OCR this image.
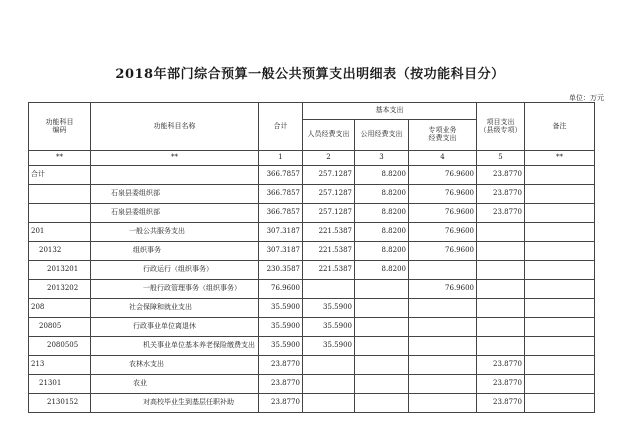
2018年部门综合预算一般公共预算支出明细表（按功能科目分）
单位：万元
功能科目
编码	功能科目名称	合计	基本支出			项目支出
（县级专项）	备注
			人员经费支出	公用经费支出	专项业务
经费支出		
**	**	1	2	3	4	5	**
合计		366.7857	257.1287	8.8200	76.9600	23.8770	
	石泉县委组织部	366.7857	257.1287	8.8200	76.9600	23.8770	
	石泉县委组织部	366.7857	257.1287	8.8200	76.9600	23.8770	
201	一般公共服务支出	307.3187	221.5387	8.8200	76.9600		
20132	组织事务	307.3187	221.5387	8.8200	76.9600		
2013201	行政运行（组织事务）	230.3587	221.5387	8.8200			
2013202	一般行政管理事务（组织事务）	76.9600			76.9600		
208	社会保障和就业支出	35.5900	35.5900				
20805	行政事业单位离退休	35.5900	35.5900				
2080505	机关事业单位基本养老保险缴费支出	35.5900	35.5900				
213	农林水支出	23.8770				23.8770	
21301	农业	23.8770				23.8770	
2130152	对高校毕业生到基层任职补助	23.8770				23.8770	
